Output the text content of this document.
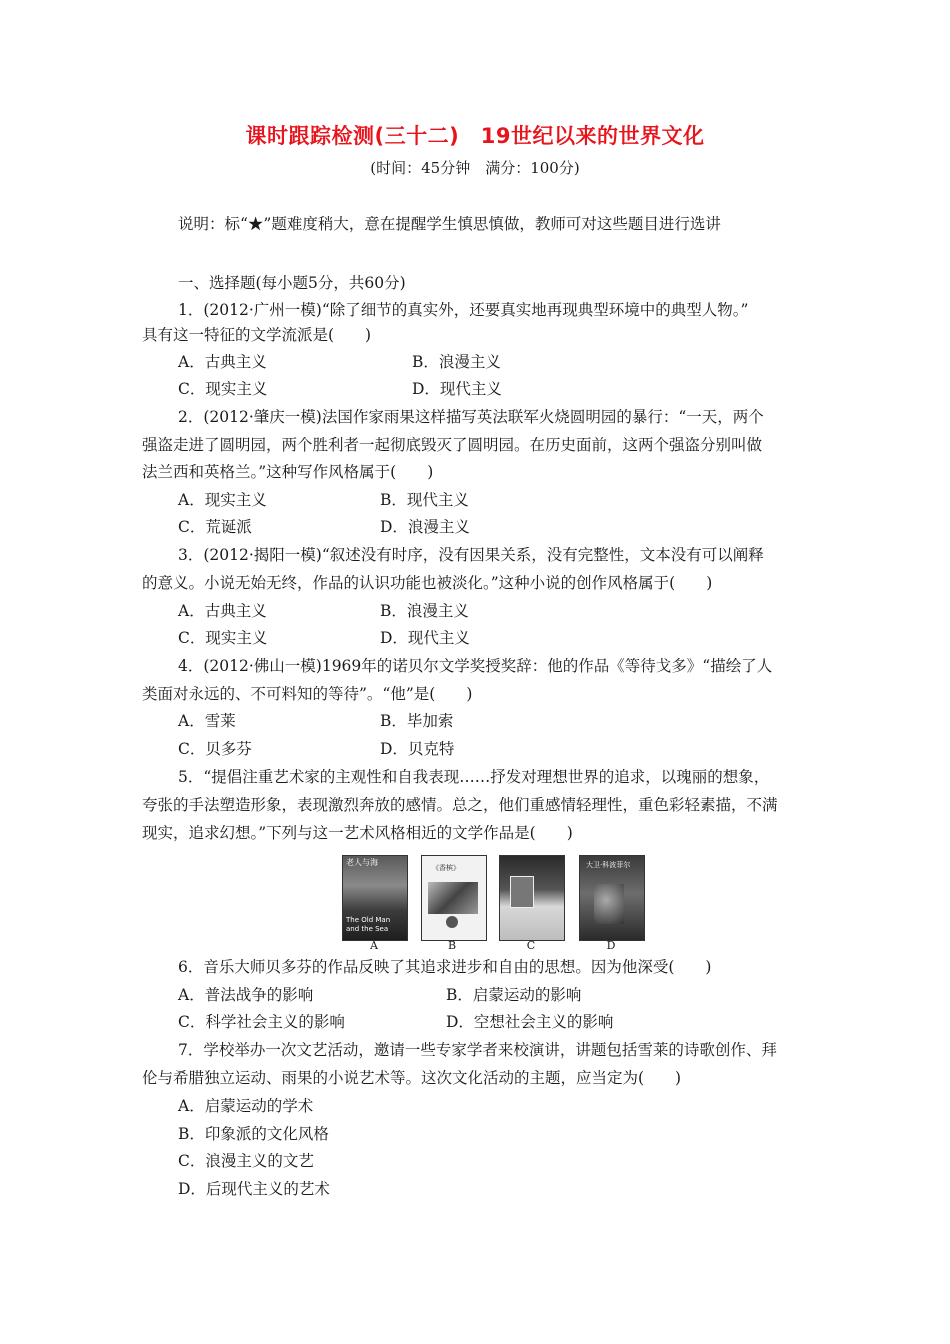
课时跟踪检测(三十二)　19世纪以来的世界文化
(时间：45分钟　满分：100分)
说明：标“★”题难度稍大，意在提醒学生慎思慎做，教师可对这些题目进行选讲
一、选择题(每小题5分，共60分)
1．(2012·广州一模)“除了细节的真实外，还要真实地再现典型环境中的典型人物。”
具有这一特征的文学流派是(　　)
A．古典主义	B．浪漫主义
C．现实主义	D．现代主义
2．(2012·肇庆一模)法国作家雨果这样描写英法联军火烧圆明园的暴行：“一天，两个
强盗走进了圆明园，两个胜利者一起彻底毁灭了圆明园。在历史面前，这两个强盗分别叫做
法兰西和英格兰。”这种写作风格属于(　　)
A．现实主义	B．现代主义
C．荒诞派	D．浪漫主义
3．(2012·揭阳一模)“叙述没有时序，没有因果关系，没有完整性，文本没有可以阐释
的意义。小说无始无终，作品的认识功能也被淡化。”这种小说的创作风格属于(　　)
A．古典主义	B．浪漫主义
C．现实主义	D．现代主义
4．(2012·佛山一模)1969年的诺贝尔文学奖授奖辞：他的作品《等待戈多》“描绘了人
类面对永远的、不可料知的等待”。“他”是(　　)
A．雪莱	B．毕加索
C．贝多芬	D．贝克特
5．“提倡注重艺术家的主观性和自我表现……抒发对理想世界的追求，以瑰丽的想象，
夸张的手法塑造形象，表现激烈奔放的感情。总之，他们重感情轻理性，重色彩轻素描，不满
现实，追求幻想。”下列与这一艺术风格相近的文学作品是(　　)
老人与海
The Old Man
and the Sea
A
《香槟》
B	C
大卫·科波菲尔
D
6．音乐大师贝多芬的作品反映了其追求进步和自由的思想。因为他深受(　　)
A．普法战争的影响	B．启蒙运动的影响
C．科学社会主义的影响	D．空想社会主义的影响
7．学校举办一次文艺活动，邀请一些专家学者来校演讲，讲题包括雪莱的诗歌创作、拜
伦与希腊独立运动、雨果的小说艺术等。这次文化活动的主题，应当定为(　　)
A．启蒙运动的学术
B．印象派的文化风格
C．浪漫主义的文艺
D．后现代主义的艺术
